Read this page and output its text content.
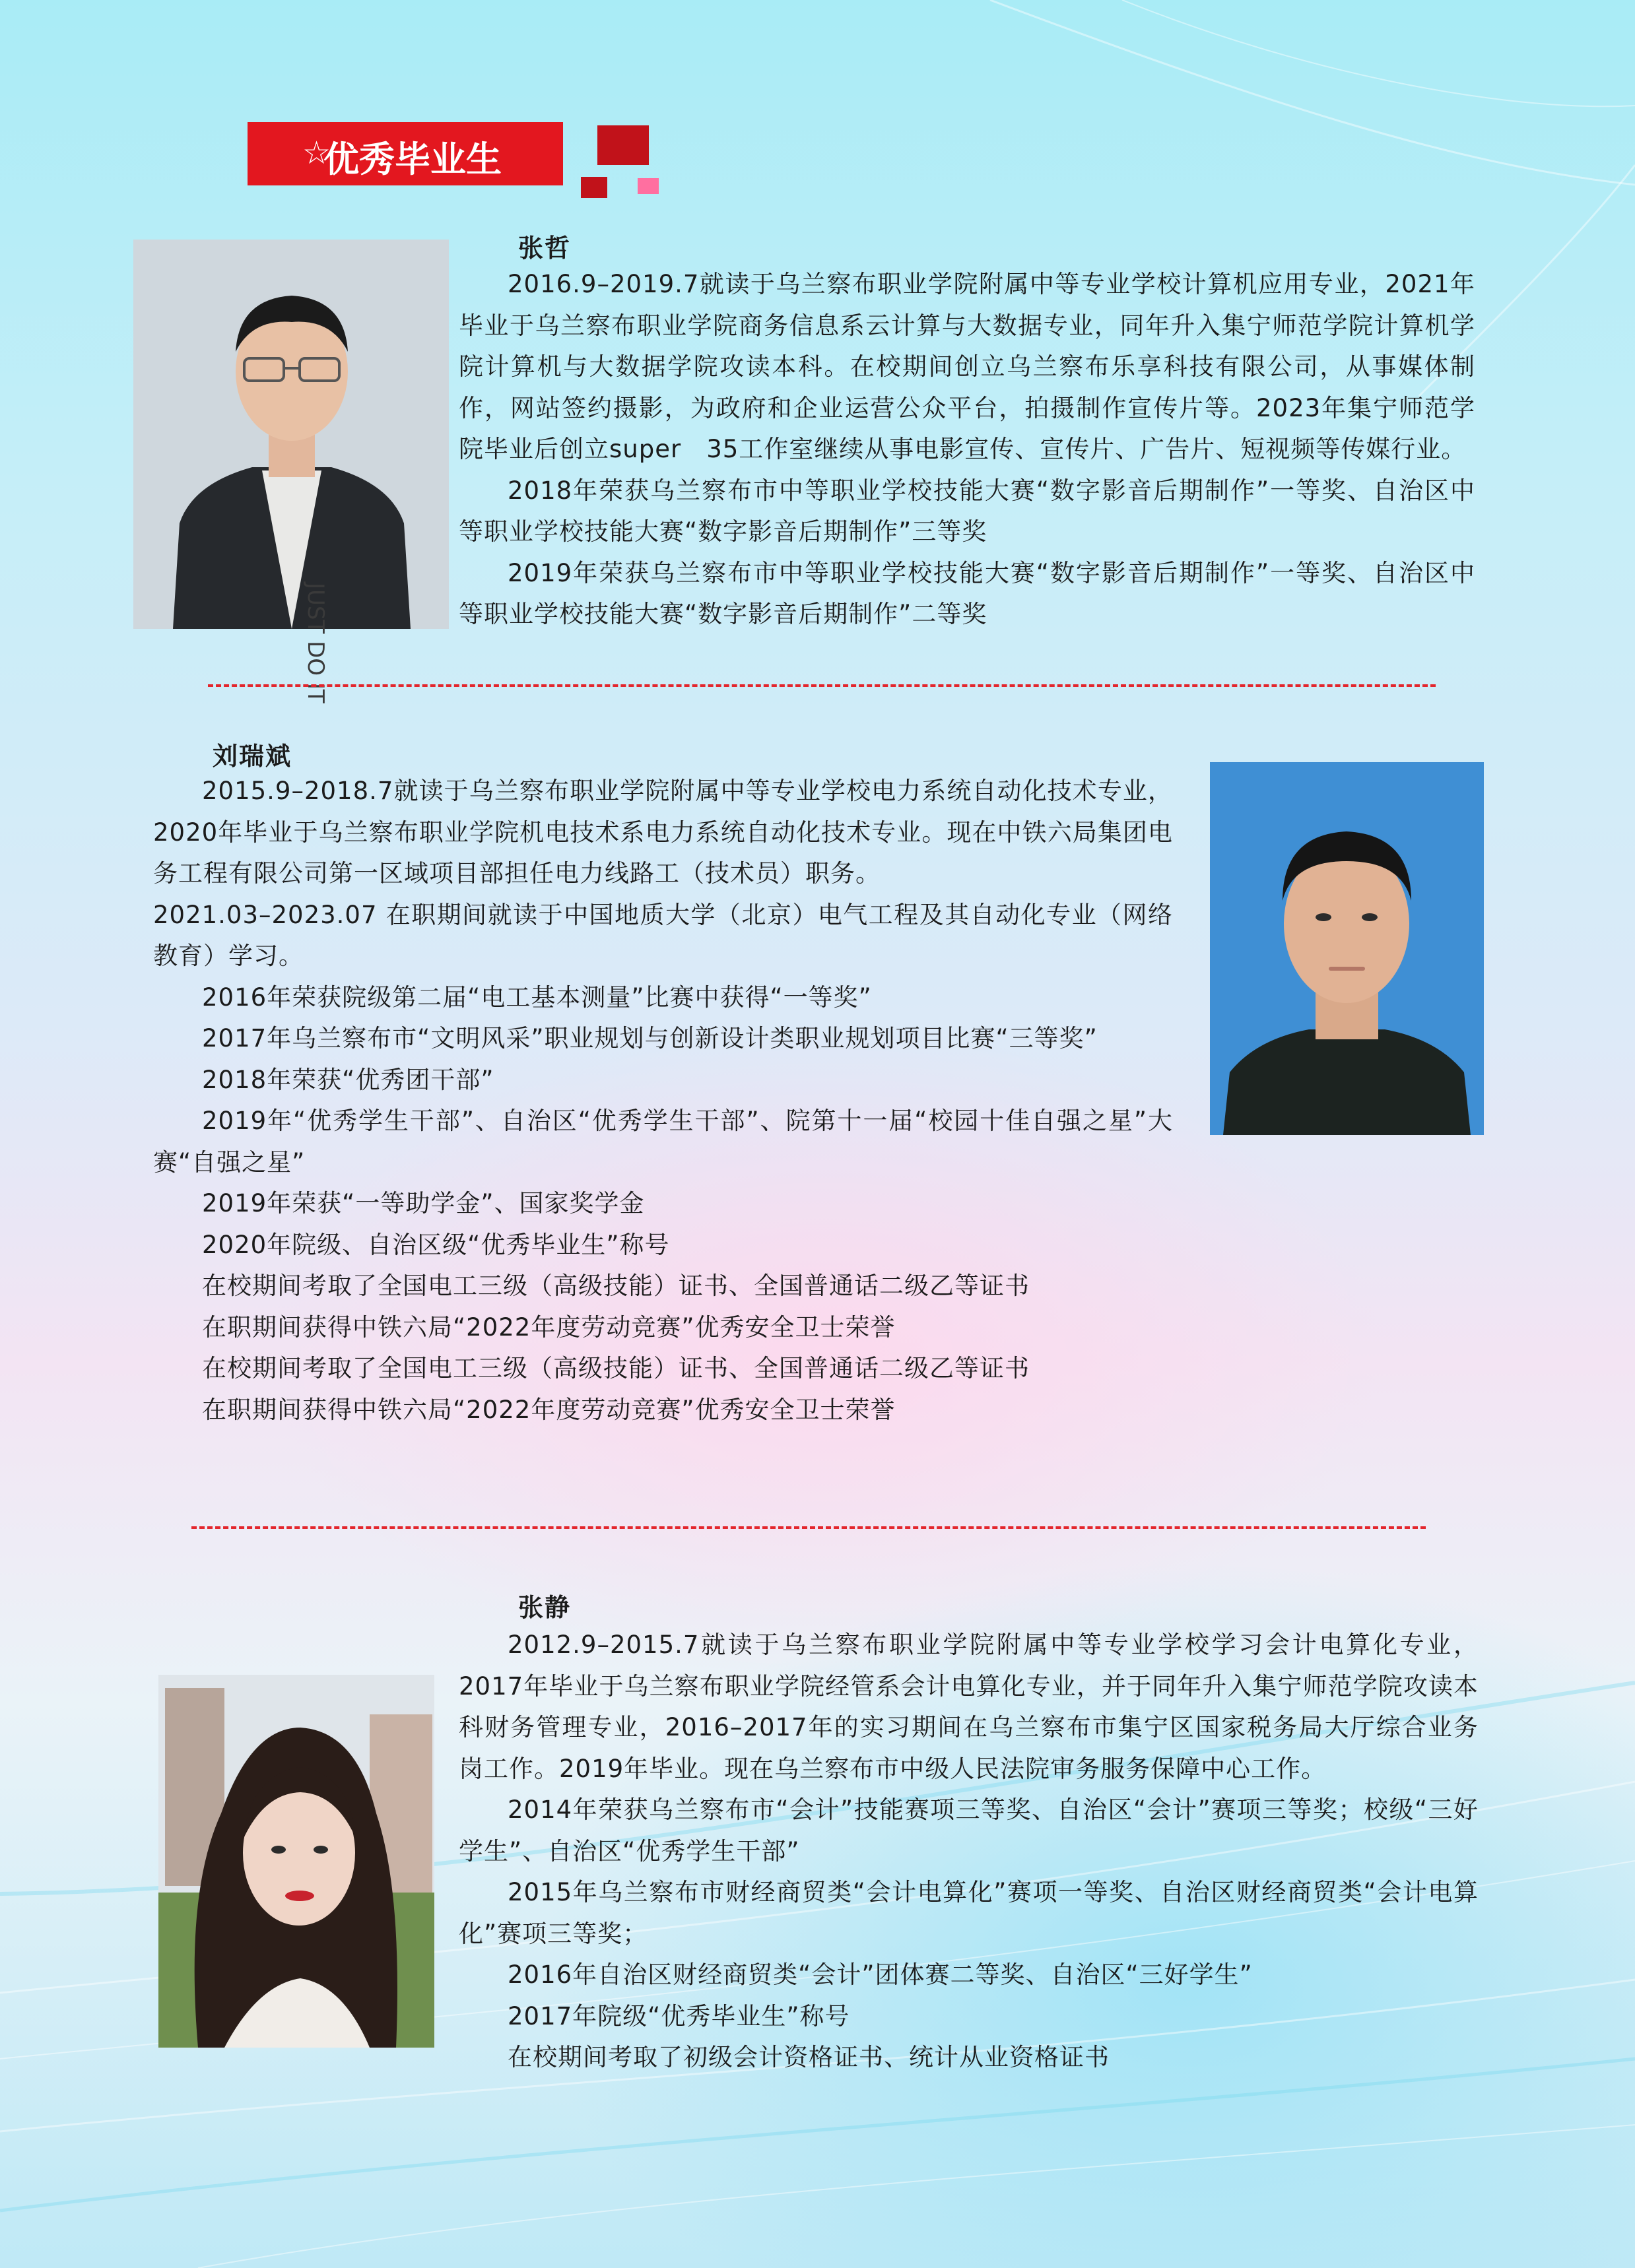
优秀毕业生
☆
JUST DO IT
张哲

2016.9–2019.7就读于乌兰察布职业学院附属中等专业学校计算机应用专业，2021年毕业于乌兰察布职业学院商务信息系云计算与大数据专业，同年升入集宁师范学院计算机学院计算机与大数据学院攻读本科。在校期间创立乌兰察布乐享科技有限公司，从事媒体制作，网站签约摄影，为政府和企业运营公众平台，拍摄制作宣传片等。2023年集宁师范学院毕业后创立super　35工作室继续从事电影宣传、宣传片、广告片、短视频等传媒行业。

2018年荣获乌兰察布市中等职业学校技能大赛“数字影音后期制作”一等奖、自治区中等职业学校技能大赛“数字影音后期制作”三等奖

2019年荣获乌兰察布市中等职业学校技能大赛“数字影音后期制作”一等奖、自治区中等职业学校技能大赛“数字影音后期制作”二等奖

刘瑞斌

2015.9–2018.7就读于乌兰察布职业学院附属中等专业学校电力系统自动化技术专业，2020年毕业于乌兰察布职业学院机电技术系电力系统自动化技术专业。现在中铁六局集团电务工程有限公司第一区域项目部担任电力线路工（技术员）职务。

2021.03–2023.07 在职期间就读于中国地质大学（北京）电气工程及其自动化专业（网络教育）学习。

2016年荣获院级第二届“电工基本测量”比赛中获得“一等奖”

2017年乌兰察布市“文明风采”职业规划与创新设计类职业规划项目比赛“三等奖”

2018年荣获“优秀团干部”

2019年“优秀学生干部”、自治区“优秀学生干部”、院第十一届“校园十佳自强之星”大赛“自强之星”

2019年荣获“一等助学金”、国家奖学金

2020年院级、自治区级“优秀毕业生”称号

在校期间考取了全国电工三级（高级技能）证书、全国普通话二级乙等证书

在职期间获得中铁六局“2022年度劳动竞赛”优秀安全卫士荣誉

在校期间考取了全国电工三级（高级技能）证书、全国普通话二级乙等证书

在职期间获得中铁六局“2022年度劳动竞赛”优秀安全卫士荣誉

张静

2012.9–2015.7就读于乌兰察布职业学院附属中等专业学校学习会计电算化专业，2017年毕业于乌兰察布职业学院经管系会计电算化专业，并于同年升入集宁师范学院攻读本科财务管理专业，2016–2017年的实习期间在乌兰察布市集宁区国家税务局大厅综合业务岗工作。2019年毕业。现在乌兰察布市中级人民法院审务服务保障中心工作。

2014年荣获乌兰察布市“会计”技能赛项三等奖、自治区“会计”赛项三等奖；校级“三好学生”、自治区“优秀学生干部”

2015年乌兰察布市财经商贸类“会计电算化”赛项一等奖、自治区财经商贸类“会计电算化”赛项三等奖；

2016年自治区财经商贸类“会计”团体赛二等奖、自治区“三好学生”

2017年院级“优秀毕业生”称号

在校期间考取了初级会计资格证书、统计从业资格证书
